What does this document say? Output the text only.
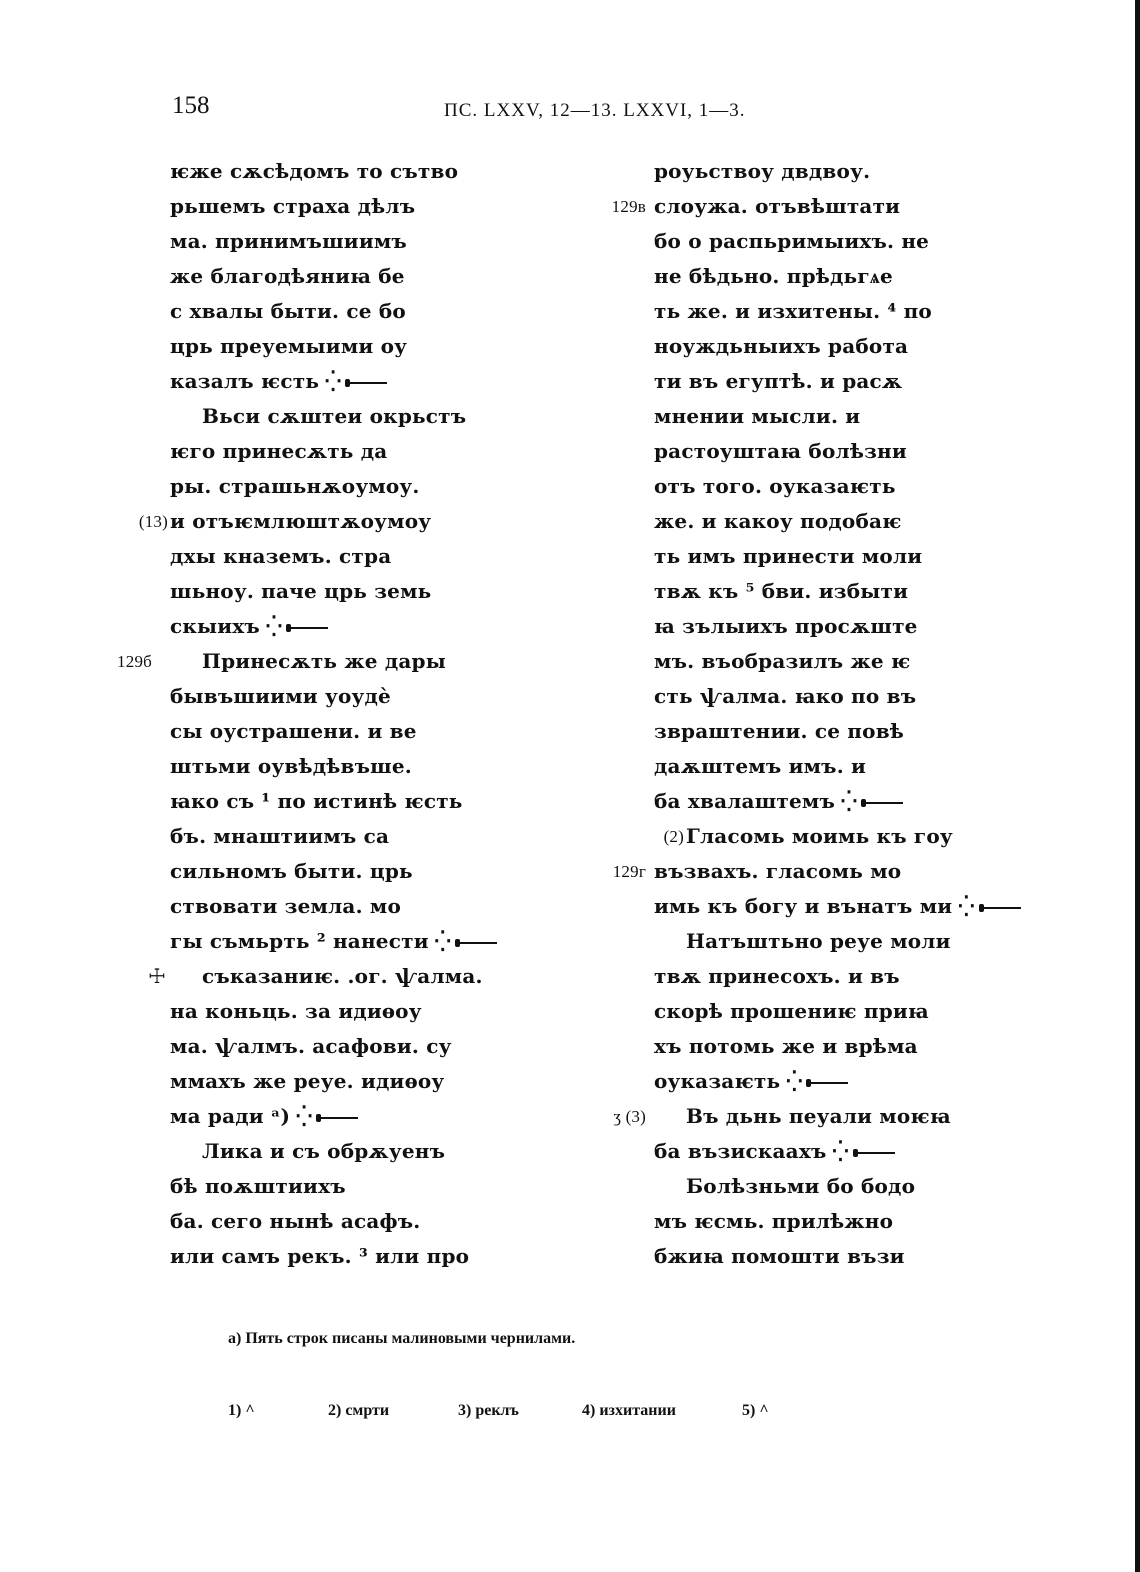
158	ПС. LXXV, 12—13. LXXVI, 1—3.
ѥже сѫсѣдомъ то сътво
рьшемъ страха дѣлъ
ма. принимъшиимъ
же благодѣяниꙗ бе
с хвалы быти. се бо
црь преуемыими оу
казалъ ѥсть ⁛
Вьси сѫштеи окрьстъ
ѥго принесѫть да
ры. страшьнѫоумоу.
(13) и отъѥмлюштѫоумоу
дхы кназемъ. стра
шьноу. паче црь земь
скыихъ ⁛
129б	Принесѫть же дары
бывъшиими уоудѐ
сы оустрашени. и ве
штьми оувѣдѣвъше.
ꙗко съ ¹ по истинѣ ѥсть
бъ. мнаштиимъ са
сильномъ быти. црь
ствовати земла. мо
гы съмьрть ² нанести ⁛
☩ съказаниѥ. .ог. ѱалма.
на коньць. за идиѳоу
ма. ѱалмъ. асафови. су
ммахъ же реуе. идиѳоу
ма ради ᵃ) ⁛
Лика и съ обрѫуенъ
бѣ поѫштиихъ
ба. сего нынѣ асафъ.
или самъ рекъ. ³ или про
роуьствоу двдвоу.
129в слоужа. отъвѣштати
бо о распьримыихъ. не
не бѣдьно. прѣдьгѧе
ть же. и изхитены. ⁴ по
ноуждьныихъ работа
ти въ егуптѣ. и расѫ
мнении мысли. и
растоуштаꙗ болѣзни
отъ того. оуказаѥть
же. и какоу подобаѥ
ть имъ принести моли
твѫ къ ⁵ бви. избыти
ꙗ зълыихъ просѫште
мъ. въобразилъ же ѥ
сть ѱалма. ꙗко по въ
звраштении. се повѣ
даѫштемъ имъ. и
ба хвалаштемъ ⁛
(2) Гласомь моимь къ гоу
129г възвахъ. гласомь мо
имь къ богу и вънатъ ми ⁛
Натъштьно реуе моли
твѫ принесохъ. и въ
скорѣ прошениѥ приꙗ
хъ потомь же и врѣма
оуказаѥть ⁛
ʒ (3) Въ дьнь пеуали моѥꙗ
ба възискаахъ ⁛
Болѣзньми бо бодо
мъ ѥсмь. прилѣжно
бжиꙗ помошти възи
а) Пять строк писаны малиновыми чернилами.
1) ^	2) смрти	3) реклъ	4) изхитании	5) ^
